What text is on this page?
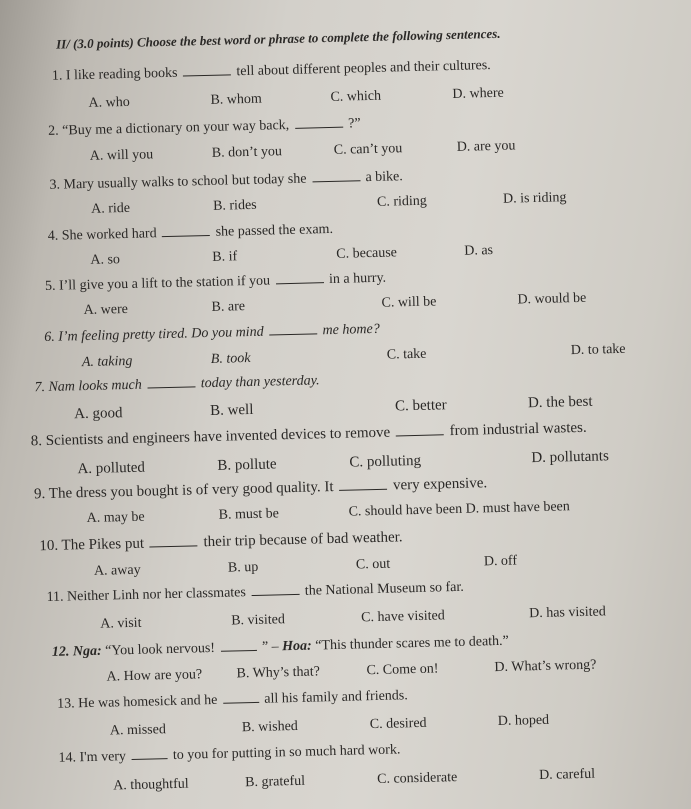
II/ (3.0 points) Choose the best word or phrase to complete the following sentences.
1. I like reading books	tell about different peoples and their cultures.
A. who	B. whom	C. which	D. where
2. “Buy me a dictionary on your way back,	?”
A. will you	B. don’t you	C. can’t you	D. are you
3. Mary usually walks to school but today she	a bike.
A. ride	B. rides	C. riding	D. is riding
4. She worked hard	she passed the exam.
A. so	B. if	C. because	D. as
5. I’ll give you a lift to the station if you	in a hurry.
A. were	B. are	C. will be	D. would be
6. I’m feeling pretty tired. Do you mind	me home?
A. taking	B. took	C. take	D. to take
7. Nam looks much	today than yesterday.
A. good	B. well	C. better	D. the best
8. Scientists and engineers have invented devices to remove	from industrial wastes.
A. polluted	B. pollute	C. polluting	D. pollutants
9. The dress you bought is of very good quality. It	very expensive.
A. may be	B. must be	C. should have been D. must have been
10. The Pikes put	their trip because of bad weather.
A. away	B. up	C. out	D. off
11. Neither Linh nor her classmates	the National Museum so far.
A. visit	B. visited	C. have visited	D. has visited
12. Nga: “You look nervous!	” – Hoa: “This thunder scares me to death.”
A. How are you? B. Why’s that?	C. Come on!	D. What’s wrong?
13. He was homesick and he	all his family and friends.
A. missed	B. wished	C. desired	D. hoped
14. I'm very	to you for putting in so much hard work.
A. thoughtful	B. grateful	C. considerate	D. careful
